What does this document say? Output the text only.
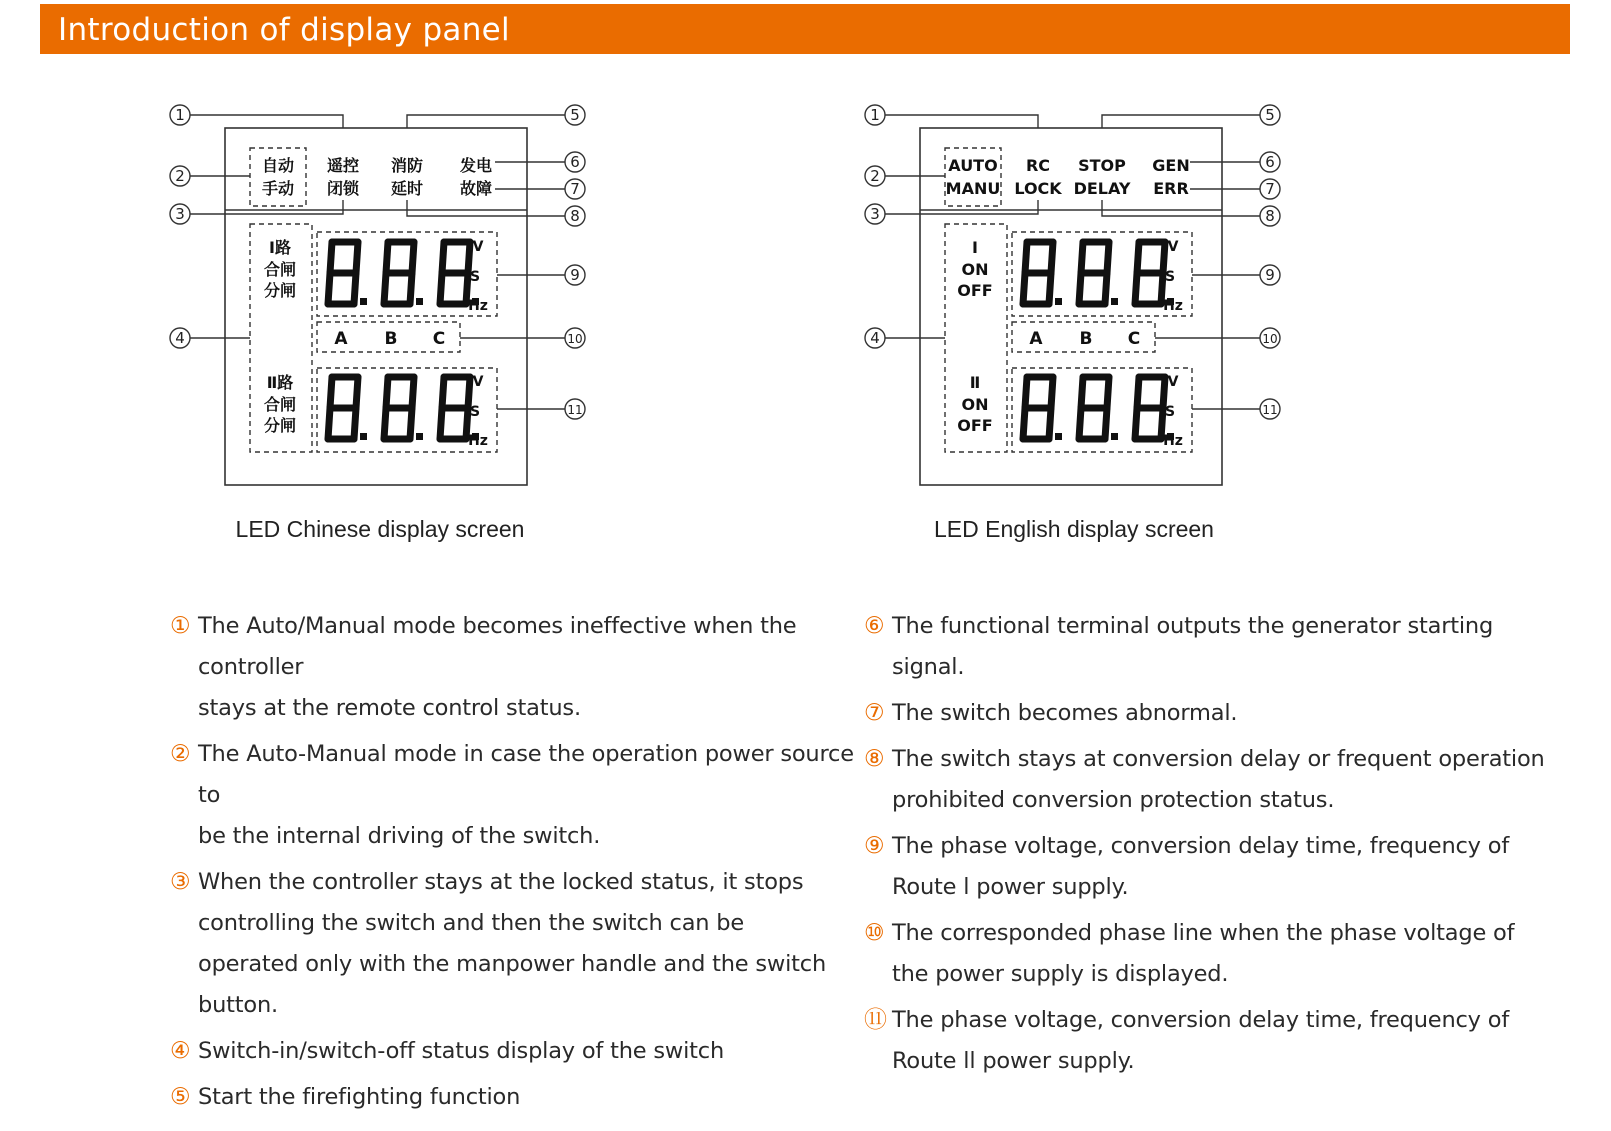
Introduction of display panel
自动
手动
遥控
闭锁
消防
延时
发电
故障
Ⅰ路
合闸
分闸
Ⅱ路
合闸
分闸
V
S
Hz
A B C
V
S
Hz
1
2
3
4
5
6
7
8
9
10
11
AUTO
MANU
RC
LOCK
STOP
DELAY
GEN
ERR
Ⅰ
ON
OFF
Ⅱ
ON
OFF
V
S
Hz
A B C
V
S
Hz
1
2
3
4
5
6
7
8
9
10
11
LED Chinese display screen	LED English display screen
① The Auto/Manual mode becomes ineffective when the controller
stays at the remote control status.
② The Auto-Manual mode in case the operation power source to
be the internal driving of the switch.
③ When the controller stays at the locked status, it stops
controlling the switch and then the switch can be
operated only with the manpower handle and the switch
button.
④ Switch-in/switch-off status display of the switch
⑤ Start the firefighting function
⑥ The functional terminal outputs the generator starting signal.
⑦ The switch becomes abnormal.
⑧ The switch stays at conversion delay or frequent operation
prohibited conversion protection status.
⑨ The phase voltage, conversion delay time, frequency of
Route l power supply.
⑩ The corresponded phase line when the phase voltage of
the power supply is displayed.
⑪ The phase voltage, conversion delay time, frequency of
Route ll power supply.
